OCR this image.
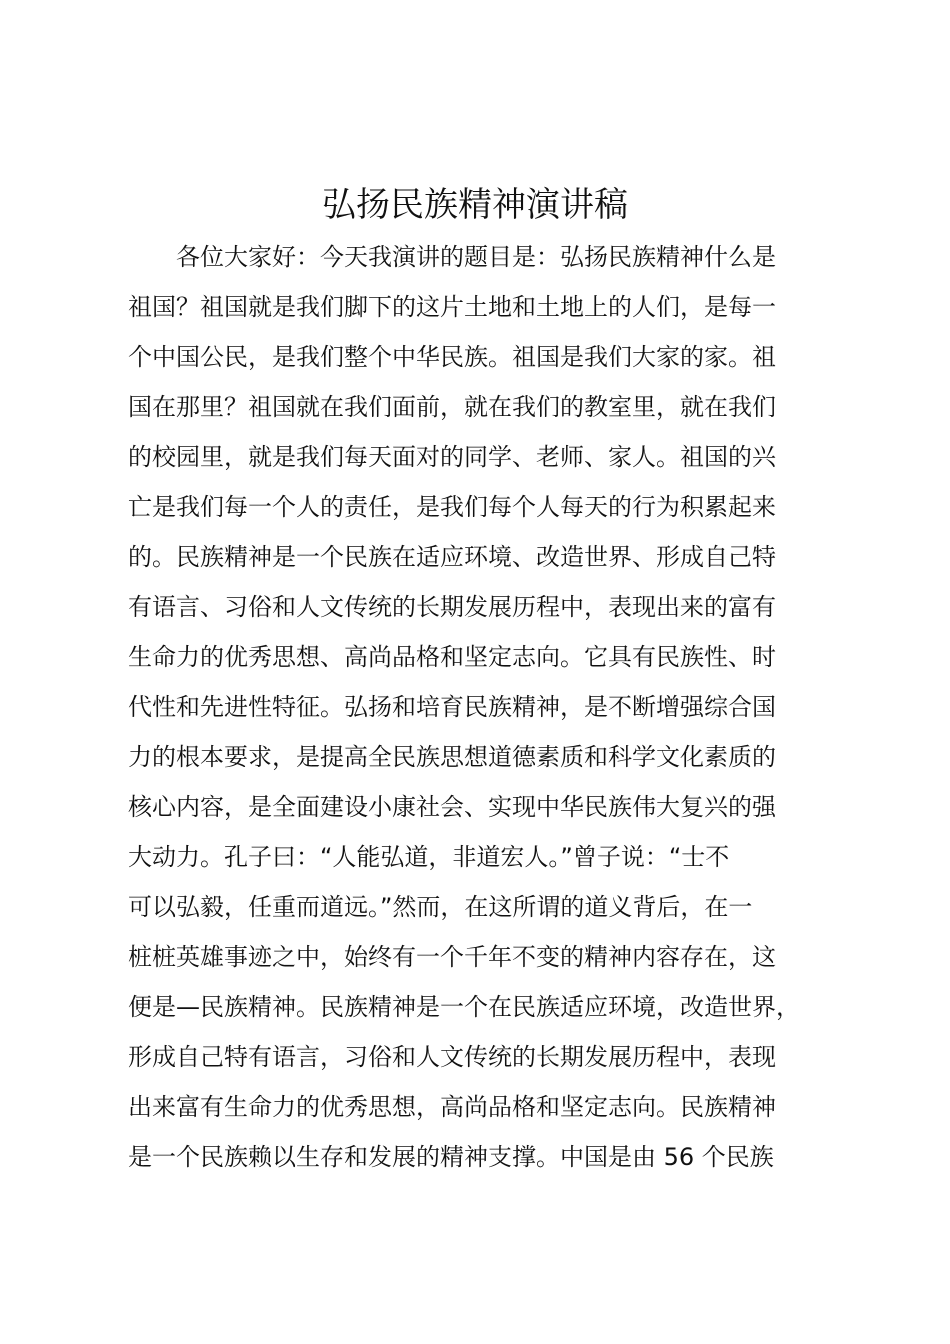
弘扬民族精神演讲稿
各位大家好：今天我演讲的题目是：弘扬民族精神什么是
祖国？祖国就是我们脚下的这片土地和土地上的人们，是每一
个中国公民，是我们整个中华民族。祖国是我们大家的家。祖
国在那里？祖国就在我们面前，就在我们的教室里，就在我们
的校园里，就是我们每天面对的同学、老师、家人。祖国的兴
亡是我们每一个人的责任，是我们每个人每天的行为积累起来
的。民族精神是一个民族在适应环境、改造世界、形成自己特
有语言、习俗和人文传统的长期发展历程中，表现出来的富有
生命力的优秀思想、高尚品格和坚定志向。它具有民族性、时
代性和先进性特征。弘扬和培育民族精神，是不断增强综合国
力的根本要求，是提高全民族思想道德素质和科学文化素质的
核心内容，是全面建设小康社会、实现中华民族伟大复兴的强
大动力。孔子曰：“人能弘道，非道宏人。”曾子说：“士不
可以弘毅，任重而道远。”然而，在这所谓的道义背后，在一
桩桩英雄事迹之中，始终有一个千年不变的精神内容存在，这
便是—民族精神。民族精神是一个在民族适应环境，改造世界，
形成自己特有语言，习俗和人文传统的长期发展历程中，表现
出来富有生命力的优秀思想，高尚品格和坚定志向。民族精神
是一个民族赖以生存和发展的精神支撑。中国是由 56 个民族
